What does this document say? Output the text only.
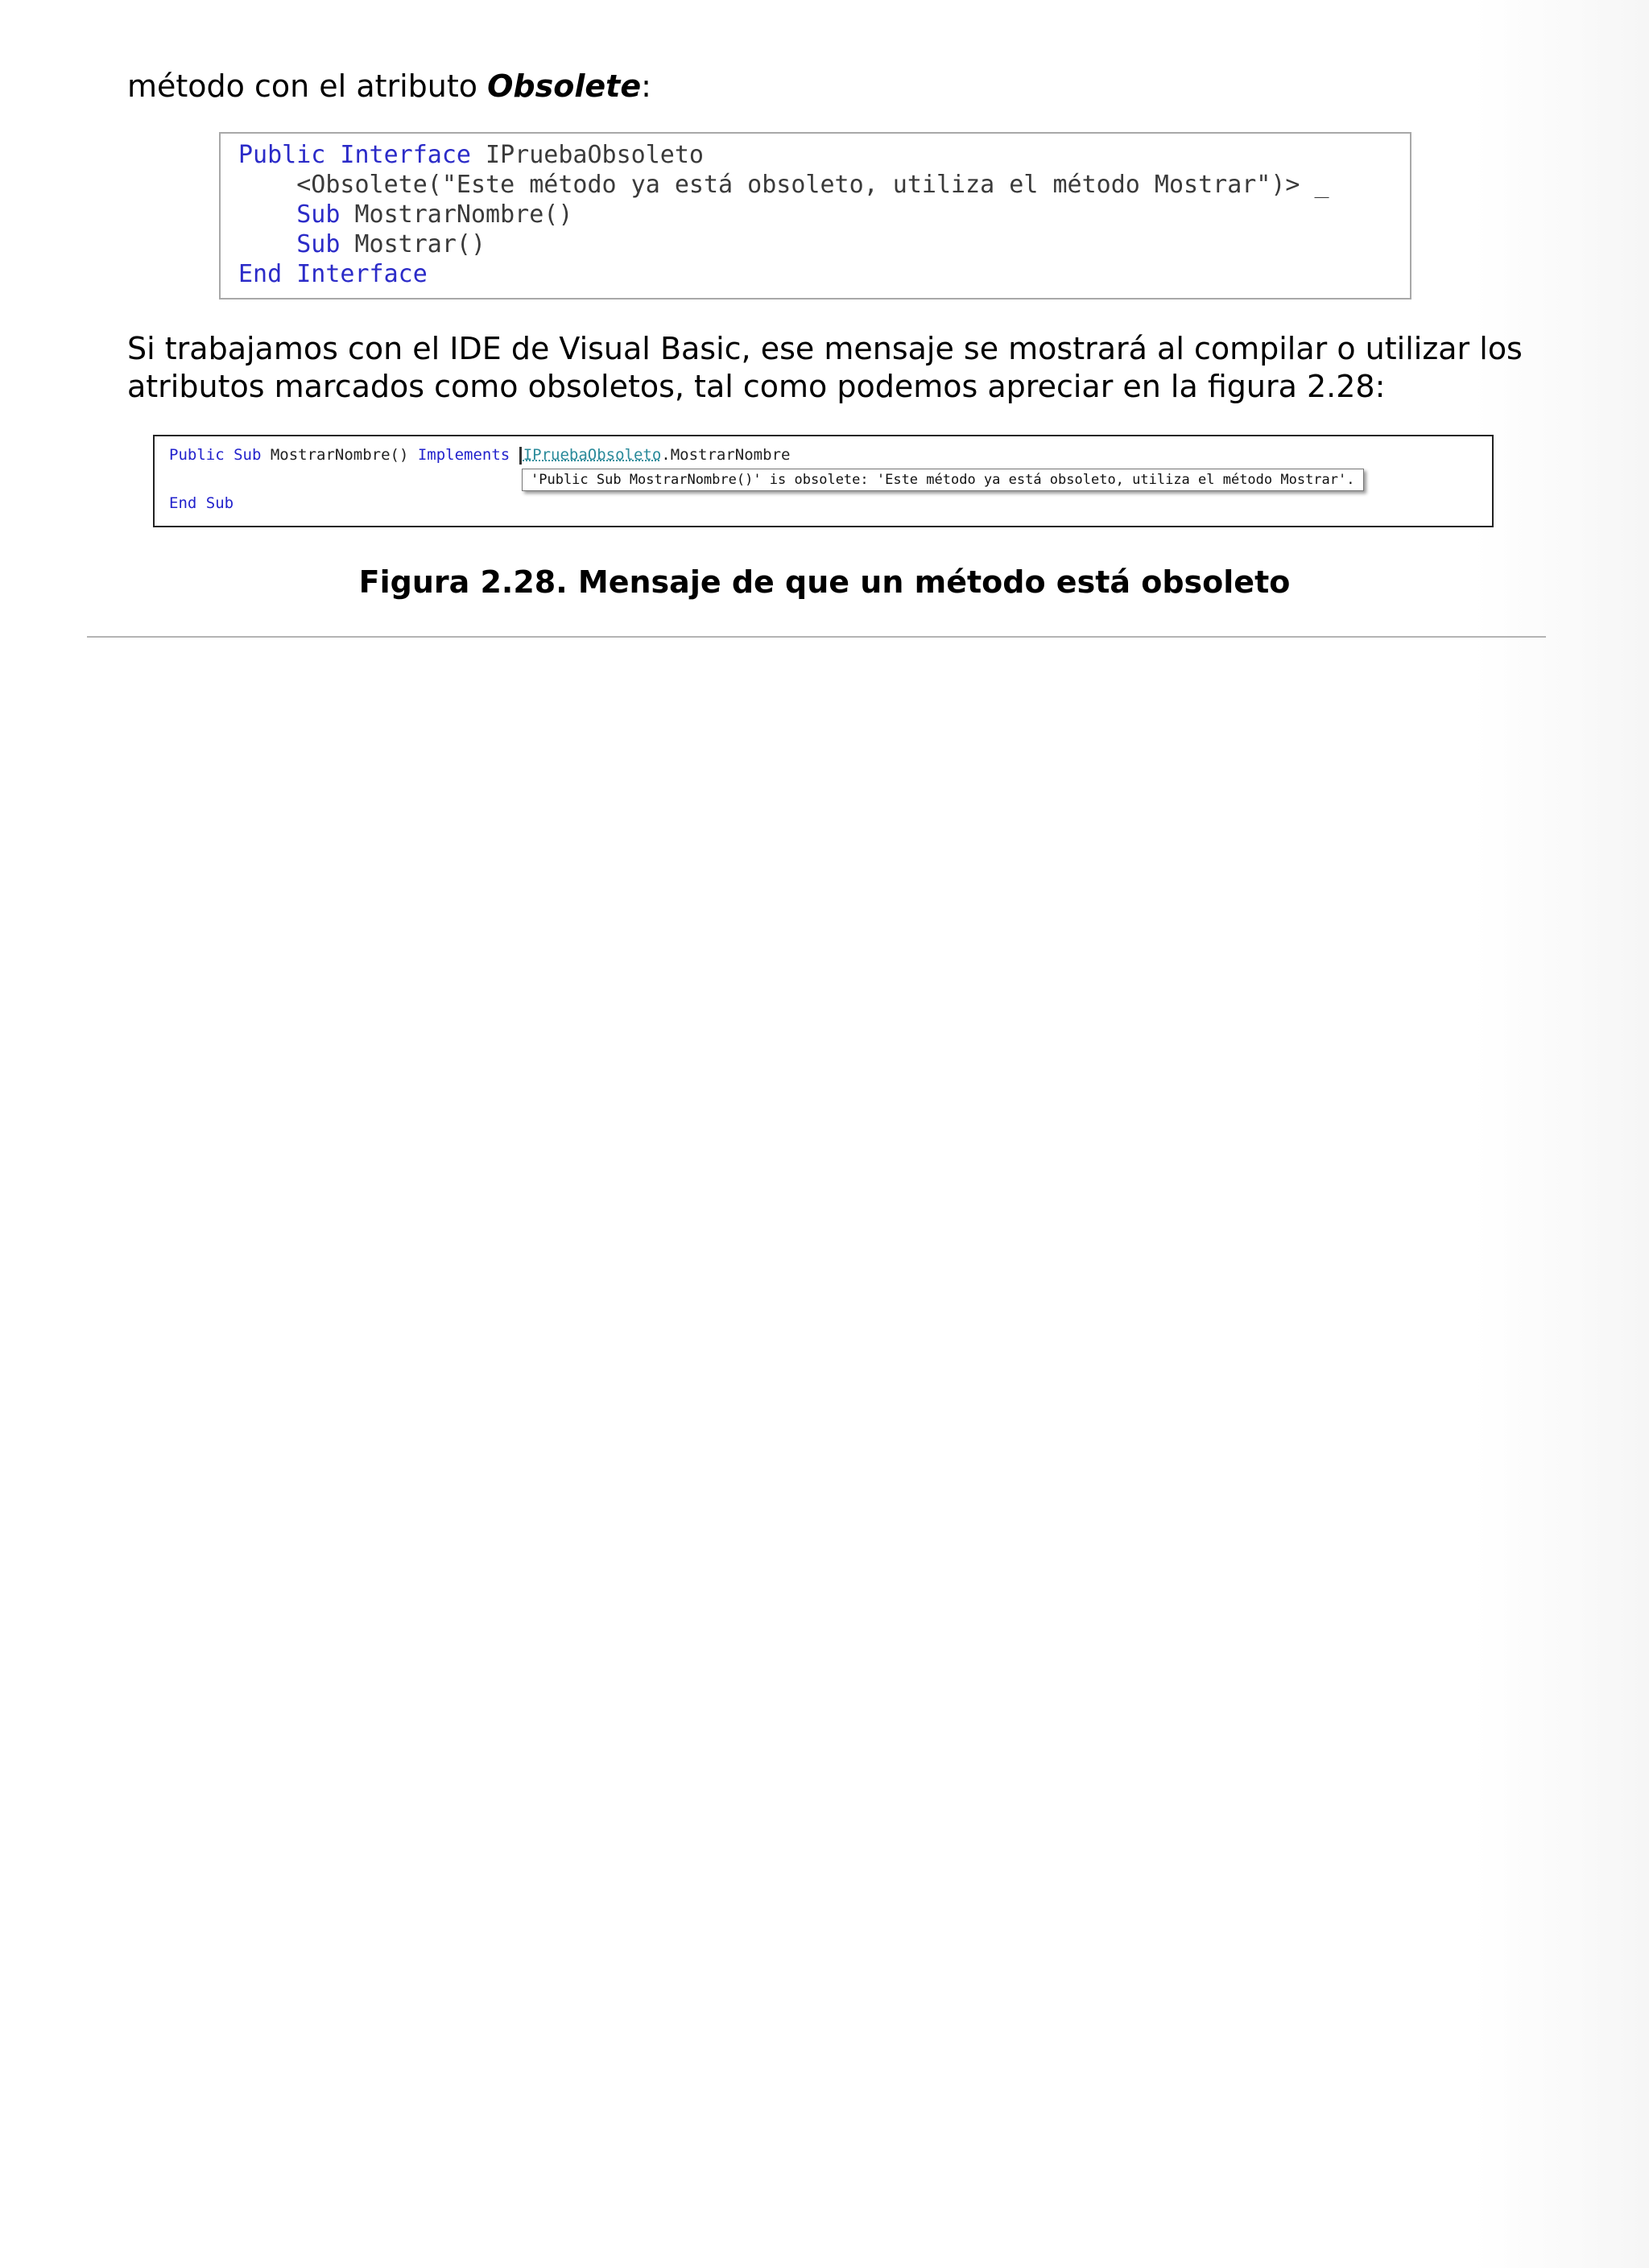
método con el atributo Obsolete:
Public Interface IPruebaObsoleto
<Obsolete("Este método ya está obsoleto, utiliza el método Mostrar")> _
Sub MostrarNombre()
Sub Mostrar()
End Interface
Si trabajamos con el IDE de Visual Basic, ese mensaje se mostrará al compilar o utilizar los
atributos marcados como obsoletos, tal como podemos apreciar en la figura 2.28:
Public Sub MostrarNombre() Implements IPruebaObsoleto.MostrarNombre
'Public Sub MostrarNombre()' is obsolete: 'Este método ya está obsoleto, utiliza el método Mostrar'.
End Sub
Figura 2.28. Mensaje de que un método está obsoleto
